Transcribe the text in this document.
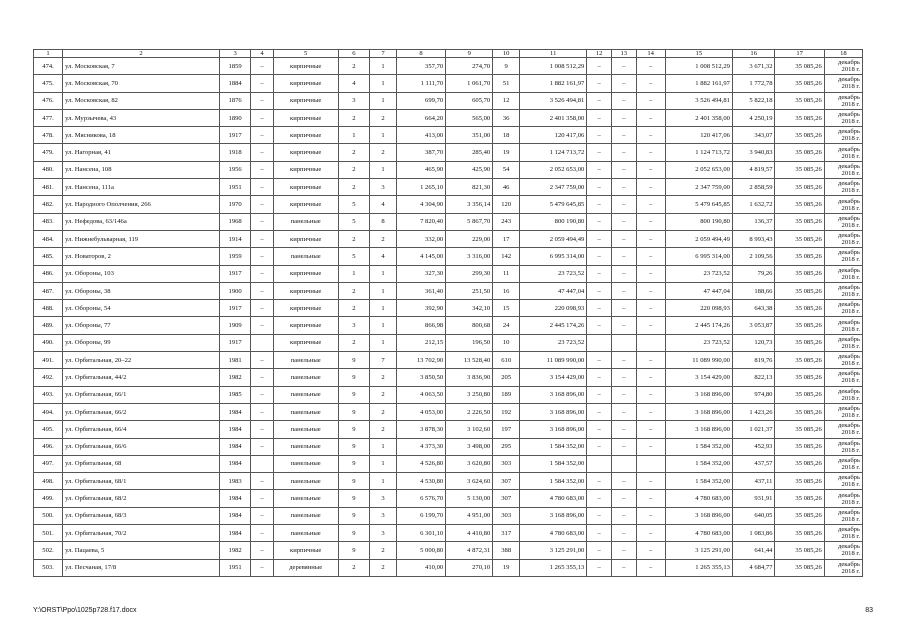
1	2	3	4	5	6	7	8	9	10	11	12	13	14	15	16	17	18
474.	ул. Московская, 7	1859	–	кирпичные	2	1	357,70	274,70	9	1 008 512,29	–	–	–	1 008 512,29	3 671,32	35 085,26	декабрь
2018 г.

475.	ул. Московская, 70	1884	–	кирпичные	4	1	1 111,70	1 061,70	51	1 882 161,97	–	–	–	1 882 161,97	1 772,78	35 085,26	декабрь
2018 г.

476.	ул. Московская, 82	1876	–	кирпичные	3	1	699,70	605,70	12	3 526 494,81	–	–	–	3 526 494,81	5 822,18	35 085,26	декабрь
2018 г.

477.	ул. Мурзычева, 43	1890	–	кирпичные	2	2	664,20	565,00	36	2 401 358,00	–	–	–	2 401 358,00	4 250,19	35 085,26	декабрь
2018 г.

478.	ул. Мясникова, 18	1917	–	кирпичные	1	1	413,00	351,00	18	120 417,06	–	–	–	120 417,06	343,07	35 085,26	декабрь
2018 г.

479.	ул. Нагорная, 41	1918	–	кирпичные	2	2	387,70	285,40	19	1 124 713,72	–	–	–	1 124 713,72	3 940,83	35 085,26	декабрь
2018 г.

480.	ул. Нансена, 108	1956	–	кирпичные	2	1	465,90	425,90	54	2 052 653,00	–	–	–	2 052 653,00	4 819,57	35 085,26	декабрь
2018 г.

481.	ул. Нансена, 111а	1951	–	кирпичные	2	3	1 265,10	821,30	46	2 347 759,00	–	–	–	2 347 759,00	2 858,59	35 085,26	декабрь
2018 г.

482.	ул. Народного Ополчения, 266	1970	–	кирпичные	5	4	4 304,90	3 356,14	120	5 479 645,85	–	–	–	5 479 645,85	1 632,72	35 085,26	декабрь
2018 г.

483.	ул. Нефедова, 63/146а	1968	–	панельные	5	8	7 820,40	5 867,70	243	800 190,80	–	–	–	800 190,80	136,37	35 085,26	декабрь
2018 г.

484.	ул. Нижнебульварная, 119	1914	–	кирпичные	2	2	332,00	229,00	17	2 059 494,49	–	–	–	2 059 494,49	8 993,43	35 085,26	декабрь
2018 г.

485.	ул. Новаторов, 2	1959	–	панельные	5	4	4 145,00	3 316,00	142	6 995 314,00	–	–	–	6 995 314,00	2 109,56	35 085,26	декабрь
2018 г.

486.	ул. Обороны, 103	1917	–	кирпичные	1	1	327,30	299,30	11	23 723,52	–	–	–	23 723,52	79,26	35 085,26	декабрь
2018 г.

487.	ул. Обороны, 38	1900	–	кирпичные	2	1	361,40	251,50	16	47 447,04	–	–	–	47 447,04	188,66	35 085,26	декабрь
2018 г.

488.	ул. Обороны, 54	1917	–	кирпичные	2	1	392,90	342,10	15	220 098,93	–	–	–	220 098,93	643,38	35 085,26	декабрь
2018 г.

489.	ул. Обороны, 77	1909	–	кирпичные	3	1	866,98	800,68	24	2 445 174,26	–	–	–	2 445 174,26	3 053,87	35 085,26	декабрь
2018 г.

490.	ул. Обороны, 99	1917		кирпичные	2	1	212,15	196,50	10	23 723,52				23 723,52	120,73	35 085,26	декабрь
2018 г.

491.	ул. Орбитальная, 20–22	1981	–	панельные	9	7	13 702,90	13 528,40	610	11 089 990,00	–	–	–	11 089 990,00	819,76	35 085,26	декабрь
2018 г.

492.	ул. Орбитальная, 44/2	1982	–	панельные	9	2	3 850,50	3 836,90	205	3 154 429,00	–	–	–	3 154 429,00	822,13	35 085,26	декабрь
2018 г.

493.	ул. Орбитальная, 66/1	1985	–	панельные	9	2	4 063,50	3 250,80	189	3 168 896,00	–	–	–	3 168 896,00	974,80	35 085,26	декабрь
2018 г.

494.	ул. Орбитальная, 66/2	1984	–	панельные	9	2	4 053,00	2 226,50	192	3 168 896,00	–	–	–	3 168 896,00	1 423,26	35 085,26	декабрь
2018 г.

495.	ул. Орбитальная, 66/4	1984	–	панельные	9	2	3 878,30	3 102,60	197	3 168 896,00	–	–	–	3 168 896,00	1 021,37	35 085,26	декабрь
2018 г.

496.	ул. Орбитальная, 66/6	1984	–	панельные	9	1	4 373,30	3 498,00	295	1 584 352,00	–	–	–	1 584 352,00	452,93	35 085,26	декабрь
2018 г.

497.	ул. Орбитальная, 68	1984		панельные	9	1	4 526,80	3 620,80	303	1 584 352,00				1 584 352,00	437,57	35 085,26	декабрь
2018 г.

498.	ул. Орбитальная, 68/1	1983	–	панельные	9	1	4 530,80	3 624,60	307	1 584 352,00	–	–	–	1 584 352,00	437,11	35 085,26	декабрь
2018 г.

499.	ул. Орбитальная, 68/2	1984	–	панельные	9	3	6 576,70	5 130,00	307	4 780 683,00	–	–	–	4 780 683,00	931,91	35 085,26	декабрь
2018 г.

500.	ул. Орбитальная, 68/3	1984	–	панельные	9	3	6 199,70	4 951,00	303	3 168 896,00	–	–	–	3 168 896,00	640,05	35 085,26	декабрь
2018 г.

501.	ул. Орбитальная, 70/2	1984	–	панельные	9	3	6 301,10	4 410,80	317	4 780 683,00	–	–	–	4 780 683,00	1 083,86	35 085,26	декабрь
2018 г.

502.	ул. Пацаева, 5	1982	–	кирпичные	9	2	5 000,80	4 872,31	388	3 125 291,00	–	–	–	3 125 291,00	641,44	35 085,26	декабрь
2018 г.

503.	ул. Песчаная, 17/8	1951	–	деревянные	2	2	410,00	270,10	19	1 265 355,13	–	–	–	1 265 355,13	4 684,77	35 085,26	декабрь
2018 г.
Y:\ORST\Ppo\1025p728.f17.docx	83
